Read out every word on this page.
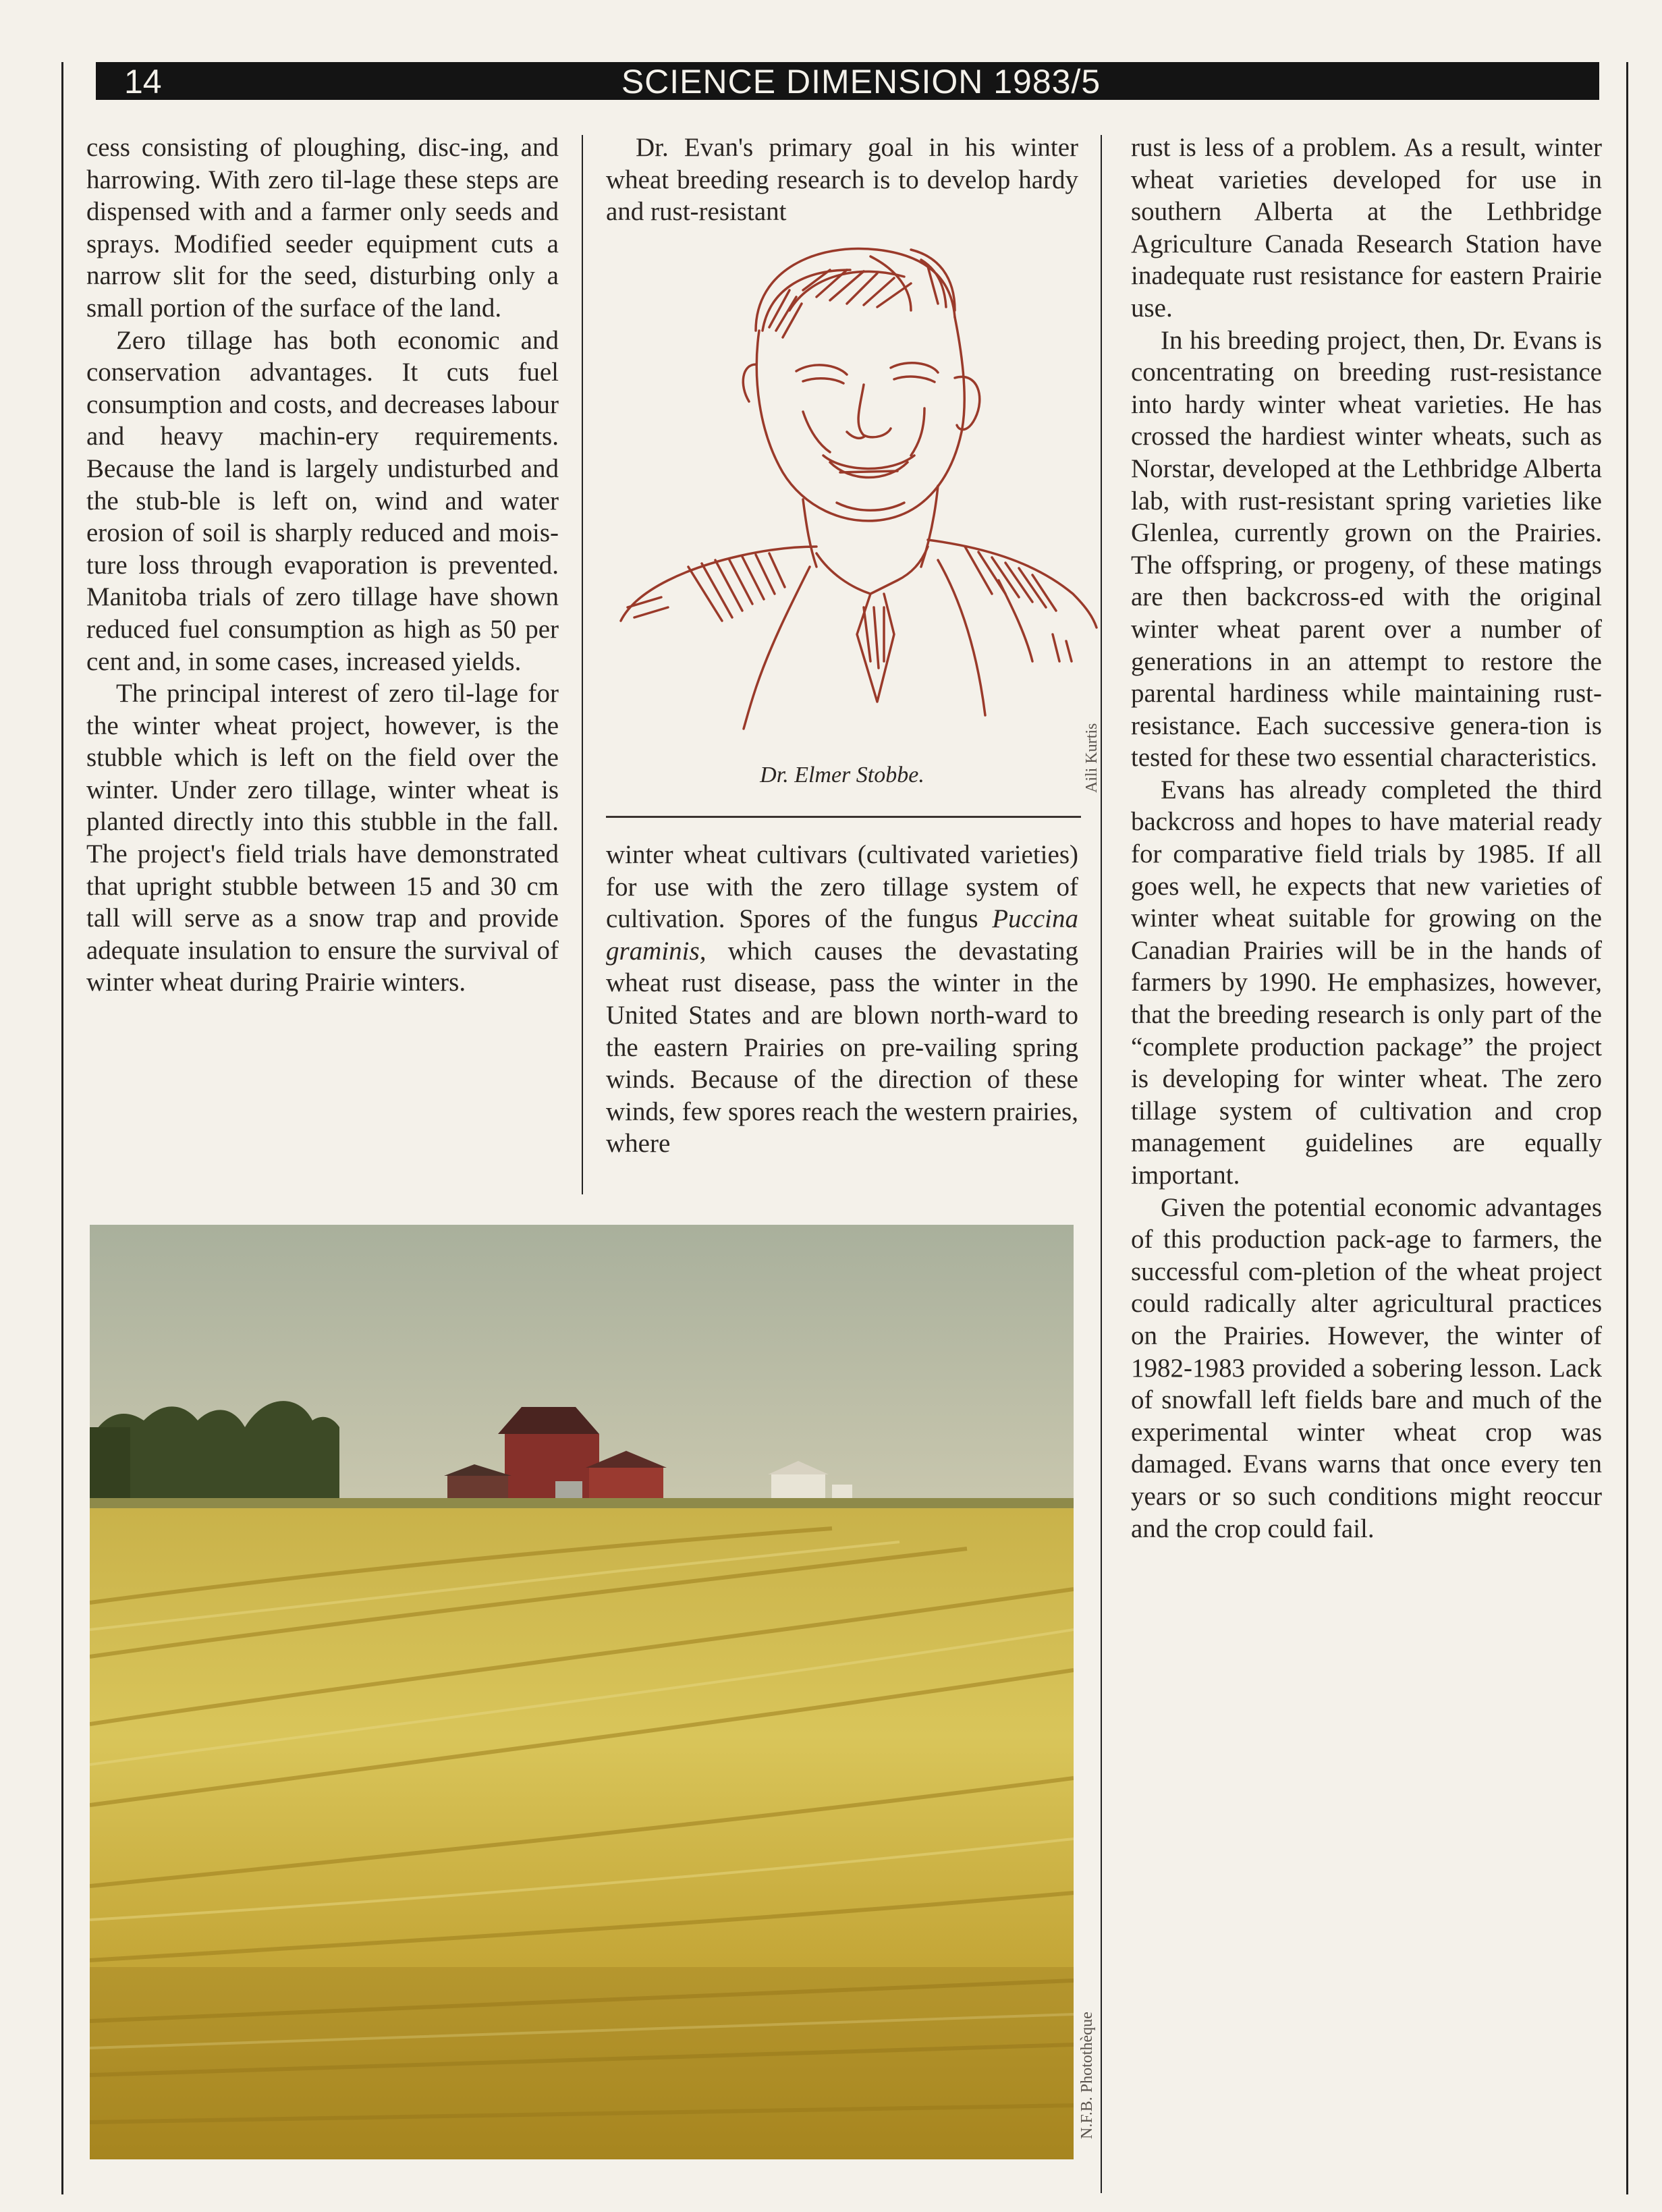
14	SCIENCE DIMENSION 1983/5

cess consisting of ploughing, disc-ing, and harrowing. With zero til-lage these steps are dispensed with and a farmer only seeds and sprays. Modified seeder equipment cuts a narrow slit for the seed, disturbing only a small portion of the surface of the land.

Zero tillage has both economic and conservation advantages. It cuts fuel consumption and costs, and decreases labour and heavy machin-ery requirements. Because the land is largely undisturbed and the stub-ble is left on, wind and water erosion of soil is sharply reduced and mois-ture loss through evaporation is prevented. Manitoba trials of zero tillage have shown reduced fuel consumption as high as 50 per cent and, in some cases, increased yields.

The principal interest of zero til-lage for the winter wheat project, however, is the stubble which is left on the field over the winter. Under zero tillage, winter wheat is planted directly into this stubble in the fall. The project's field trials have demonstrated that upright stubble between 15 and 30 cm tall will serve as a snow trap and provide adequate insulation to ensure the survival of winter wheat during Prairie winters.

Dr. Evan's primary goal in his winter wheat breeding research is to develop hardy and rust-resistant

Dr. Elmer Stobbe.	Aili Kurtis

winter wheat cultivars (cultivated varieties) for use with the zero tillage system of cultivation. Spores of the fungus Puccina graminis, which causes the devastating wheat rust disease, pass the winter in the United States and are blown north-ward to the eastern Prairies on pre-vailing spring winds. Because of the direction of these winds, few spores reach the western prairies, where

rust is less of a problem. As a result, winter wheat varieties developed for use in southern Alberta at the Lethbridge Agriculture Canada Research Station have inadequate rust resistance for eastern Prairie use.

In his breeding project, then, Dr. Evans is concentrating on breeding rust-resistance into hardy winter wheat varieties. He has crossed the hardiest winter wheats, such as Norstar, developed at the Lethbridge Alberta lab, with rust-resistant spring varieties like Glenlea, currently grown on the Prairies. The offspring, or progeny, of these matings are then backcross-ed with the original winter wheat parent over a number of generations in an attempt to restore the parental hardiness while maintaining rust-resistance. Each successive genera-tion is tested for these two essential characteristics.

Evans has already completed the third backcross and hopes to have material ready for comparative field trials by 1985. If all goes well, he expects that new varieties of winter wheat suitable for growing on the Canadian Prairies will be in the hands of farmers by 1990. He emphasizes, however, that the breeding research is only part of the “complete production package” the project is developing for winter wheat. The zero tillage system of cultivation and crop management guidelines are equally important.

Given the potential economic advantages of this production pack-age to farmers, the successful com-pletion of the wheat project could radically alter agricultural practices on the Prairies. However, the winter of 1982-1983 provided a sobering lesson. Lack of snowfall left fields bare and much of the experimental winter wheat crop was damaged. Evans warns that once every ten years or so such conditions might reoccur and the crop could fail.

N.F.B. Photothèque
